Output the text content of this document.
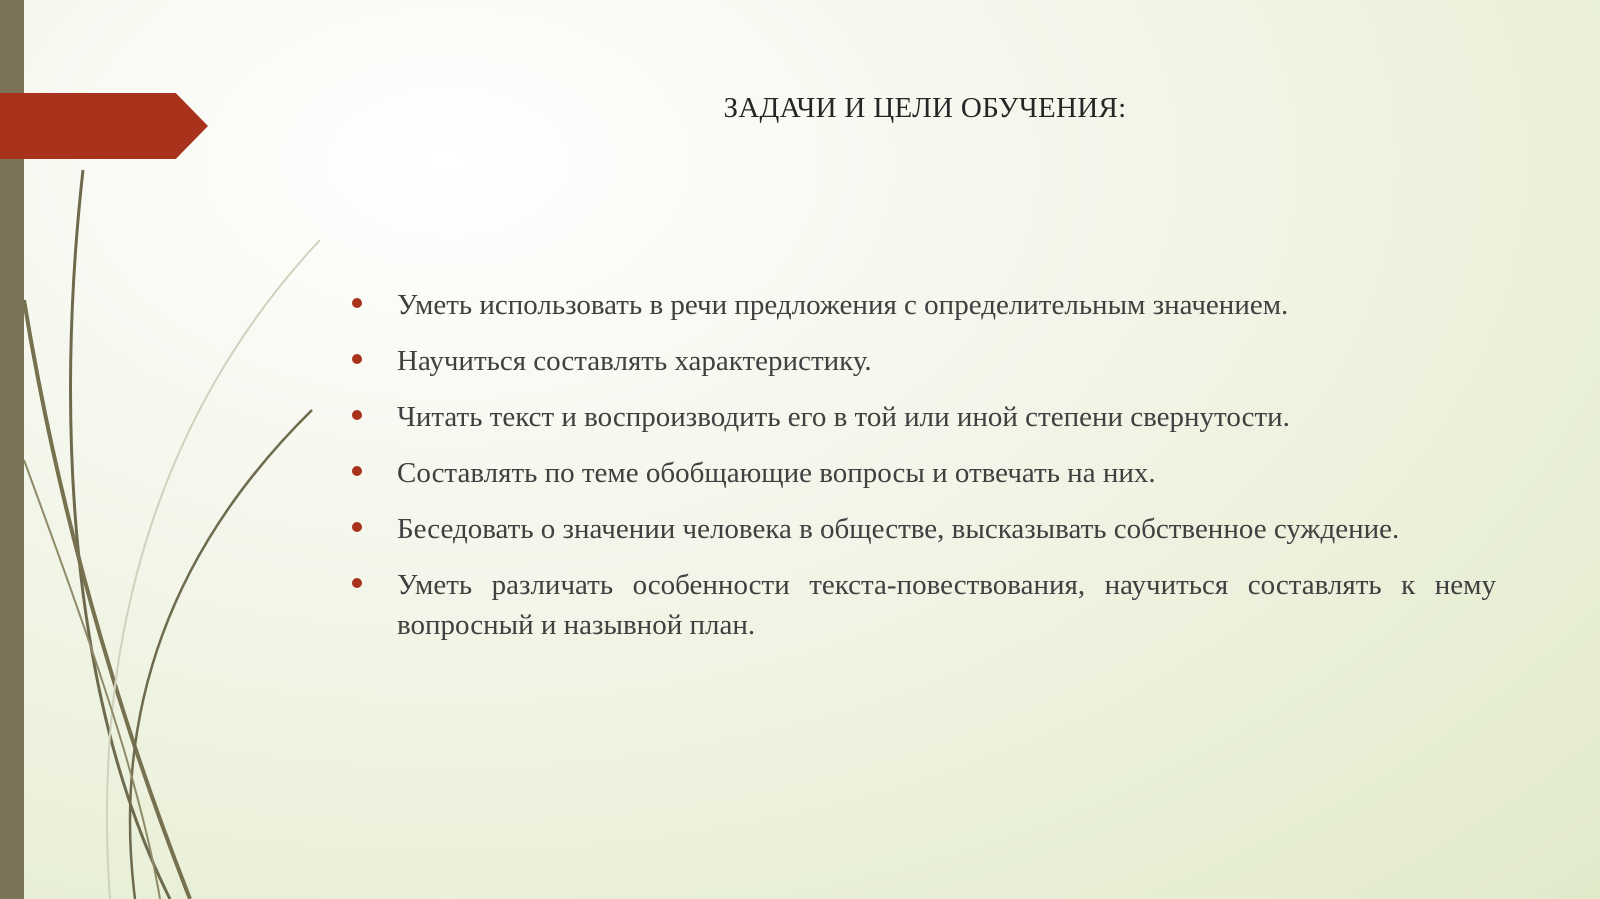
ЗАДАЧИ И ЦЕЛИ ОБУЧЕНИЯ:
Уметь использовать в речи предложения с определительным значением.
Научиться составлять характеристику.
Читать текст и воспроизводить его в той или иной степени свернутости.
Составлять по теме обобщающие вопросы и отвечать на них.
Беседовать о значении человека в обществе, высказывать собственное суждение.
Уметь различать особенности текста-повествования, научиться составлять к нему вопросный и назывной план.
